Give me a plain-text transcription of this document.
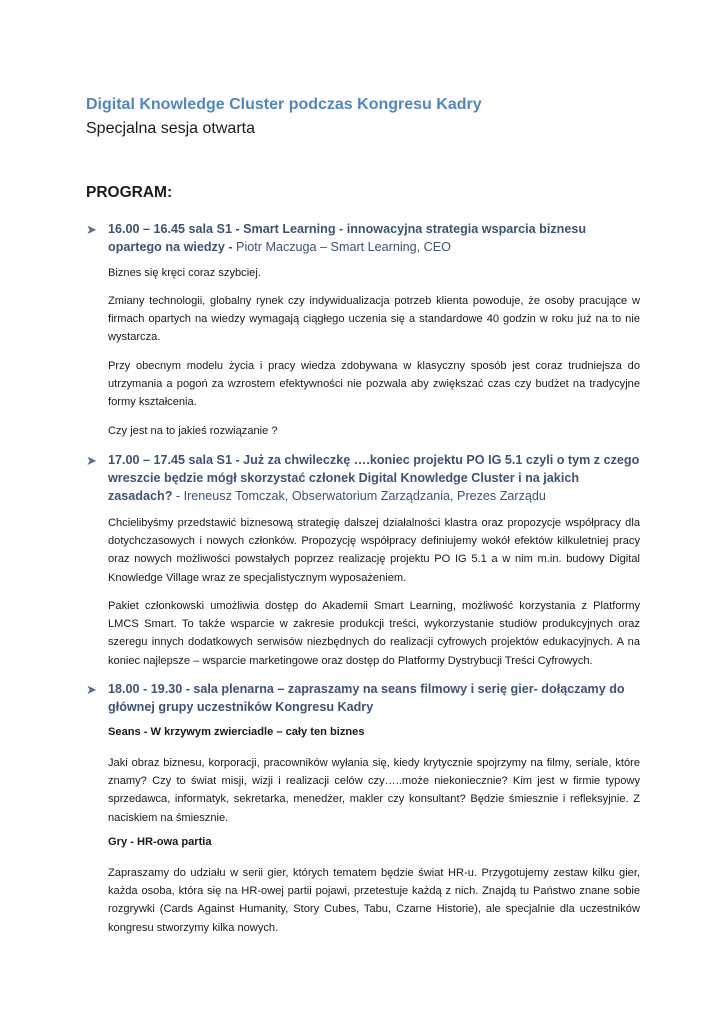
Digital Knowledge Cluster podczas Kongresu Kadry
Specjalna sesja otwarta
PROGRAM:
➤ 16.00 – 16.45 sala S1 - Smart Learning - innowacyjna strategia wsparcia biznesu opartego na wiedzy - Piotr Maczuga – Smart Learning, CEO
Biznes się kręci coraz szybciej.
Zmiany technologii, globalny rynek czy indywidualizacja potrzeb klienta powoduje, że osoby pracujące w firmach opartych na wiedzy wymagają ciągłego uczenia się a standardowe 40 godzin w roku już na to nie wystarcza.
Przy obecnym modelu życia i pracy wiedza zdobywana w klasyczny sposób jest coraz trudniejsza do utrzymania a pogoń za wzrostem efektywności nie pozwala aby zwiększać czas czy budżet na tradycyjne formy kształcenia.
Czy jest na to jakieś rozwiązanie ?
➤ 17.00 – 17.45 sala S1 - Już za chwileczkę ….koniec projektu PO IG 5.1 czyli o tym z czego wreszcie będzie mógł skorzystać członek Digital Knowledge Cluster i na jakich zasadach? - Ireneusz Tomczak, Obserwatorium Zarządzania, Prezes Zarządu
Chcielibyśmy przedstawić biznesową strategię dalszej działalności klastra oraz propozycje współpracy dla dotychczasowych i nowych członków. Propozycję współpracy definiujemy wokół efektów kilkuletniej pracy oraz nowych możliwości powstałych poprzez realizację projektu PO IG 5.1 a w nim m.in. budowy Digital Knowledge Village wraz ze specjalistycznym wyposażeniem.
Pakiet członkowski umożliwia dostęp do Akademii Smart Learning, możliwość korzystania z Platformy LMCS Smart. To także wsparcie w zakresie produkcji treści, wykorzystanie studiów produkcyjnych oraz szeregu innych dodatkowych serwisów niezbędnych do realizacji cyfrowych projektów edukacyjnych. A na koniec najlepsze – wsparcie marketingowe oraz dostęp do Platformy Dystrybucji Treści Cyfrowych.
➤ 18.00 - 19.30 - sala plenarna – zapraszamy na seans filmowy i serię gier- dołączamy do głównej grupy uczestników Kongresu Kadry
Seans - W krzywym zwierciadle – cały ten biznes
Jaki obraz biznesu, korporacji, pracowników wyłania się, kiedy krytycznie spojrzymy na filmy, seriale, które znamy? Czy to świat misji, wizji i realizacji celów czy…..może niekoniecznie? Kim jest w firmie typowy sprzedawca, informatyk, sekretarka, menedżer, makler czy konsultant? Będzie śmiesznie i refleksyjnie. Z naciskiem na śmiesznie.
Gry - HR-owa partia
Zapraszamy do udziału w serii gier, których tematem będzie świat HR-u. Przygotujemy zestaw kilku gier, każda osoba, która się na HR-owej partii pojawi, przetestuje każdą z nich. Znajdą tu Państwo znane sobie rozgrywki (Cards Against Humanity, Story Cubes, Tabu, Czarne Historie), ale specjalnie dla uczestników kongresu stworzymy kilka nowych.
